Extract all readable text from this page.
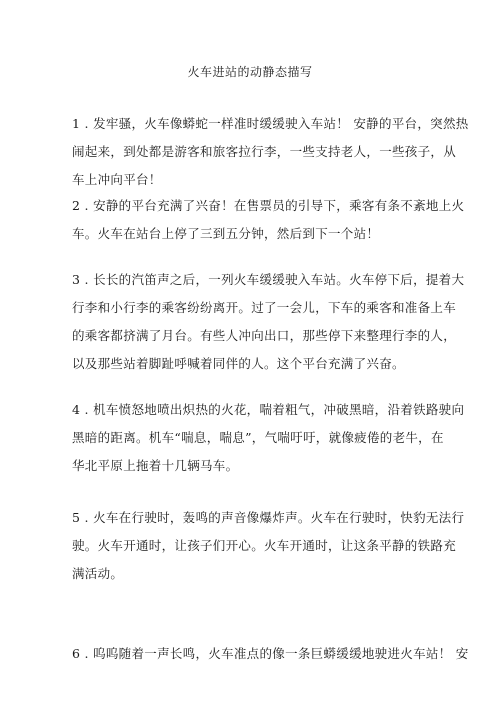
火车进站的动静态描写
1 . 发牢骚，火车像蟒蛇一样准时缓缓驶入车站！ 安静的平台，突然热
闹起来，到处都是游客和旅客拉行李，一些支持老人，一些孩子，从
车上冲向平台！
2 . 安静的平台充满了兴奋！在售票员的引导下，乘客有条不紊地上火
车。火车在站台上停了三到五分钟，然后到下一个站！
3 . 长长的汽笛声之后，一列火车缓缓驶入车站。火车停下后，提着大
行李和小行李的乘客纷纷离开。过了一会儿，下车的乘客和准备上车
的乘客都挤满了月台。有些人冲向出口，那些停下来整理行李的人，
以及那些站着脚趾呼喊着同伴的人。这个平台充满了兴奋。
4 . 机车愤怒地喷出炽热的火花，喘着粗气，冲破黑暗，沿着铁路驶向
黑暗的距离。机车“喘息，喘息”，气喘吁吁，就像疲倦的老牛，在
华北平原上拖着十几辆马车。
5 . 火车在行驶时，轰鸣的声音像爆炸声。火车在行驶时，快豹无法行
驶。火车开通时，让孩子们开心。火车开通时，让这条平静的铁路充
满活动。
6 . 呜呜随着一声长鸣，火车准点的像一条巨蟒缓缓地驶进火车站！ 安
